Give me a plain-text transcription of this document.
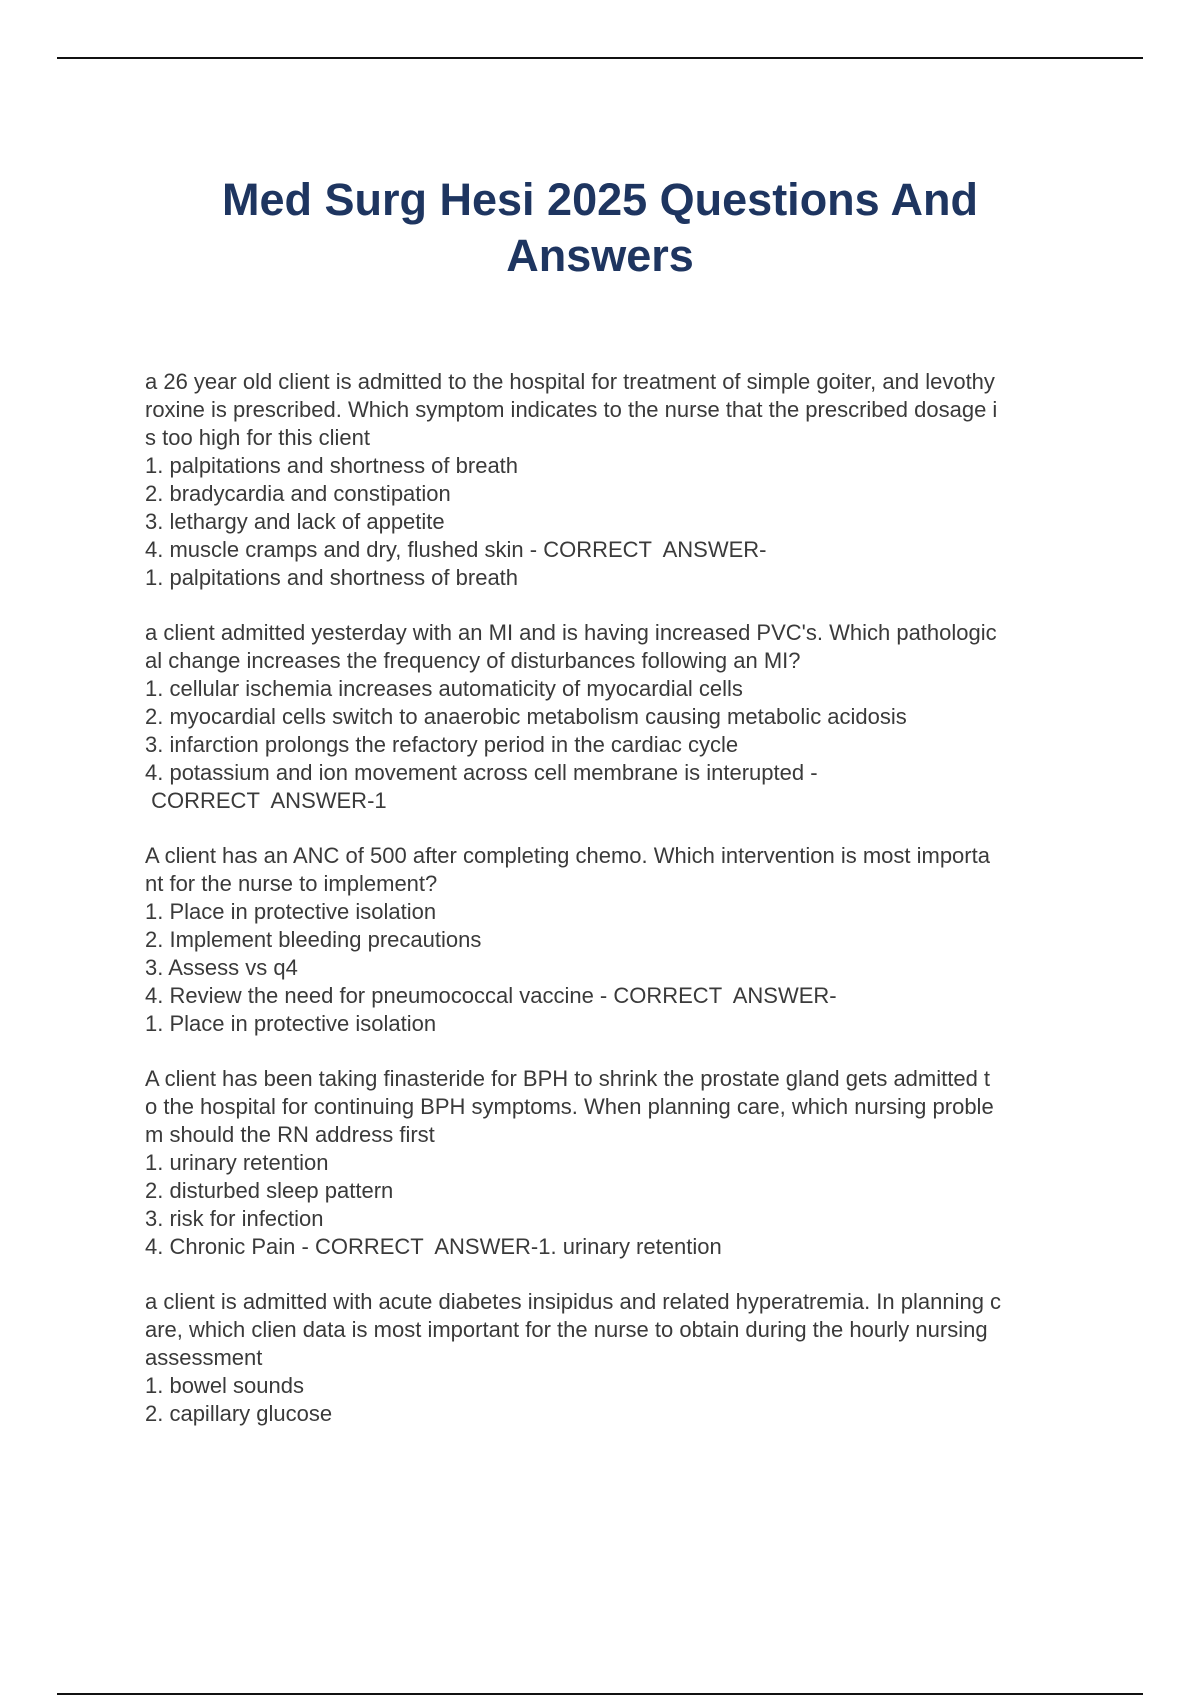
Med Surg Hesi 2025 Questions And
Answers
a 26 year old client is admitted to the hospital for treatment of simple goiter, and levothy
roxine is prescribed. Which symptom indicates to the nurse that the prescribed dosage i
s too high for this client
1. palpitations and shortness of breath
2. bradycardia and constipation
3. lethargy and lack of appetite
4. muscle cramps and dry, flushed skin - CORRECT  ANSWER-
1. palpitations and shortness of breath
a client admitted yesterday with an MI and is having increased PVC's. Which pathologic
al change increases the frequency of disturbances following an MI?
1. cellular ischemia increases automaticity of myocardial cells
2. myocardial cells switch to anaerobic metabolism causing metabolic acidosis
3. infarction prolongs the refactory period in the cardiac cycle
4. potassium and ion movement across cell membrane is interupted -
CORRECT  ANSWER-1
A client has an ANC of 500 after completing chemo. Which intervention is most importa
nt for the nurse to implement?
1. Place in protective isolation
2. Implement bleeding precautions
3. Assess vs q4
4. Review the need for pneumococcal vaccine - CORRECT  ANSWER-
1. Place in protective isolation
A client has been taking finasteride for BPH to shrink the prostate gland gets admitted t
o the hospital for continuing BPH symptoms. When planning care, which nursing proble
m should the RN address first
1. urinary retention
2. disturbed sleep pattern
3. risk for infection
4. Chronic Pain - CORRECT  ANSWER-1. urinary retention
a client is admitted with acute diabetes insipidus and related hyperatremia. In planning c
are, which clien data is most important for the nurse to obtain during the hourly nursing
assessment
1. bowel sounds
2. capillary glucose
